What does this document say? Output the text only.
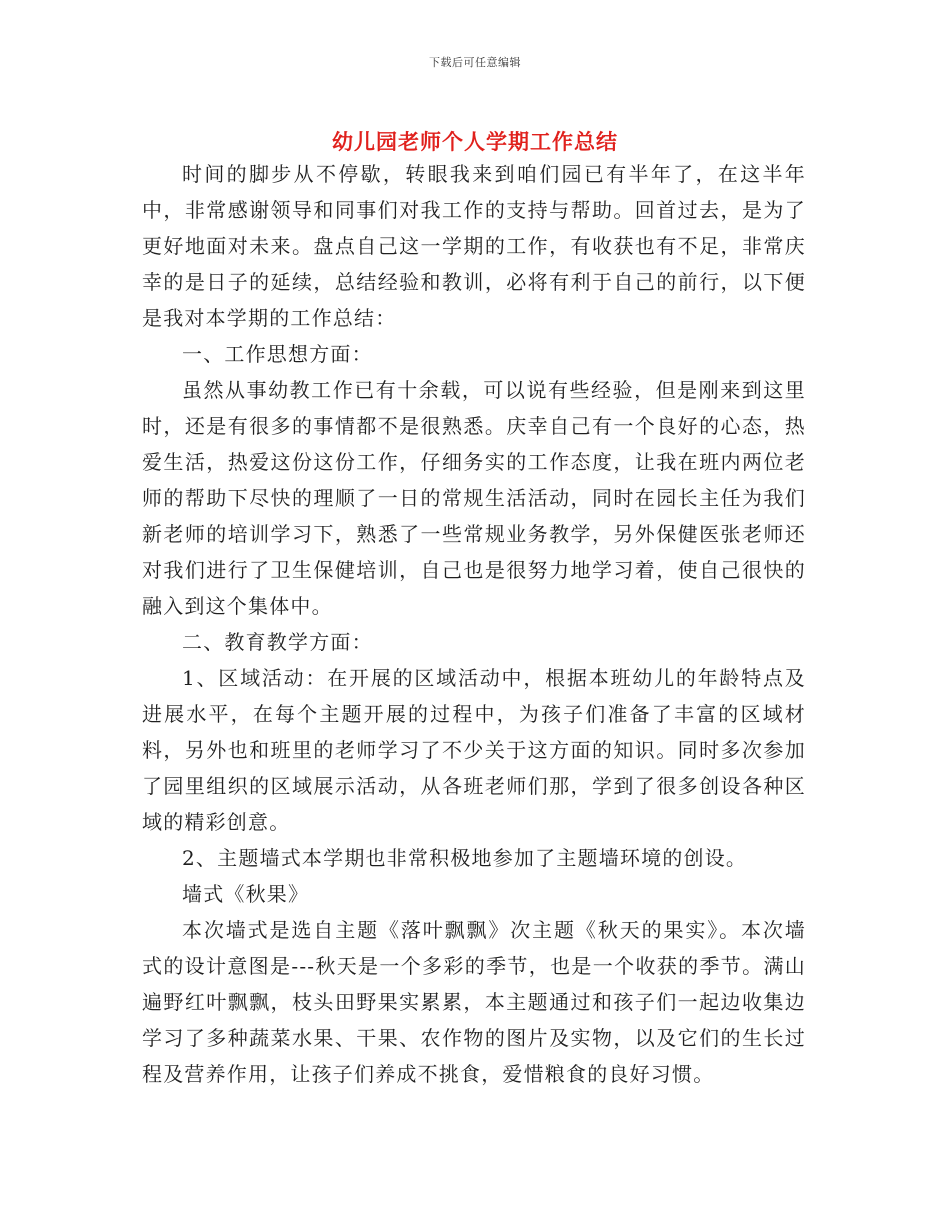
下载后可任意编辑
幼儿园老师个人学期工作总结

时间的脚步从不停歇，转眼我来到咱们园已有半年了，在这半年中，非常感谢领导和同事们对我工作的支持与帮助。回首过去，是为了更好地面对未来。盘点自己这一学期的工作，有收获也有不足，非常庆幸的是日子的延续，总结经验和教训，必将有利于自己的前行，以下便是我对本学期的工作总结：

一、工作思想方面：

虽然从事幼教工作已有十余载，可以说有些经验，但是刚来到这里时，还是有很多的事情都不是很熟悉。庆幸自己有一个良好的心态，热爱生活，热爱这份这份工作，仔细务实的工作态度，让我在班内两位老师的帮助下尽快的理顺了一日的常规生活活动，同时在园长主任为我们新老师的培训学习下，熟悉了一些常规业务教学，另外保健医张老师还对我们进行了卫生保健培训，自己也是很努力地学习着，使自己很快的融入到这个集体中。

二、教育教学方面：

1、区域活动：在开展的区域活动中，根据本班幼儿的年龄特点及进展水平，在每个主题开展的过程中，为孩子们准备了丰富的区域材料，另外也和班里的老师学习了不少关于这方面的知识。同时多次参加了园里组织的区域展示活动，从各班老师们那，学到了很多创设各种区域的精彩创意。

2、主题墙式本学期也非常积极地参加了主题墙环境的创设。

墙式《秋果》

本次墙式是选自主题《落叶飘飘》次主题《秋天的果实》。本次墙式的设计意图是---秋天是一个多彩的季节，也是一个收获的季节。满山遍野红叶飘飘，枝头田野果实累累，本主题通过和孩子们一起边收集边学习了多种蔬菜水果、干果、农作物的图片及实物，以及它们的生长过程及营养作用，让孩子们养成不挑食，爱惜粮食的良好习惯。
